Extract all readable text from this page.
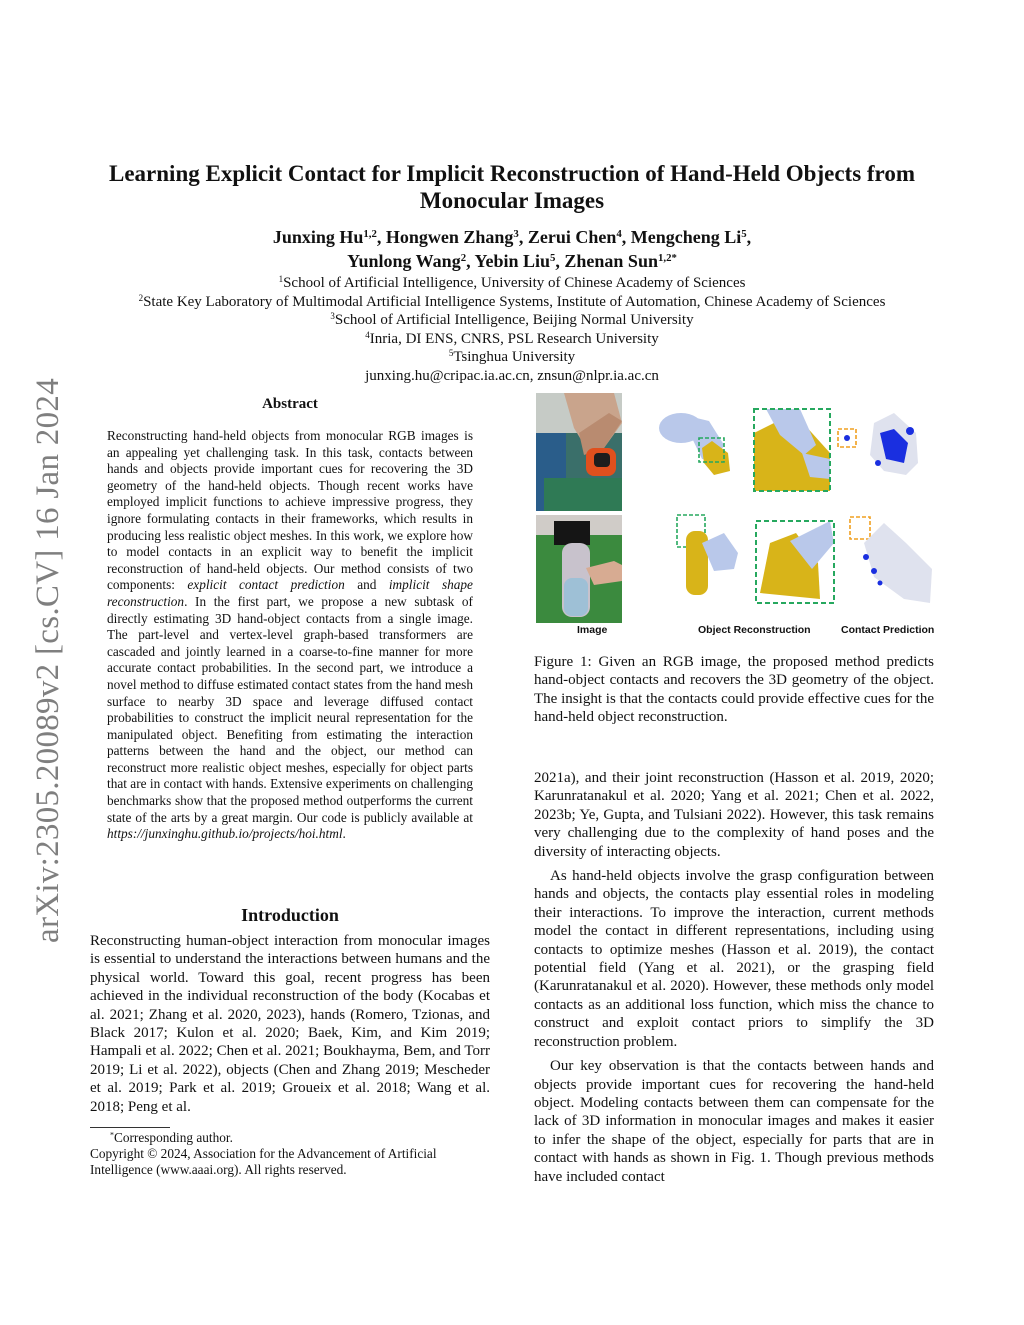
arXiv:2305.20089v2 [cs.CV] 16 Jan 2024
Learning Explicit Contact for Implicit Reconstruction of Hand-Held Objects from Monocular Images
Junxing Hu$^{1,2}$, Hongwen Zhang$^3$, Zerui Chen$^4$, Mengcheng Li$^5$,
Yunlong Wang$^2$, Yebin Liu$^5$, Zhenan Sun$^{1,2*}$
$^1$School of Artificial Intelligence, University of Chinese Academy of Sciences
$^2$State Key Laboratory of Multimodal Artificial Intelligence Systems, Institute of Automation, Chinese Academy of Sciences
$^3$School of Artificial Intelligence, Beijing Normal University
$^4$Inria, DI ENS, CNRS, PSL Research University
$^5$Tsinghua University
junxing.hu@cripac.ia.ac.cn, znsun@nlpr.ia.ac.cn
Abstract
Reconstructing hand-held objects from monocular RGB images is an appealing yet challenging task. In this task, contacts between hands and objects provide important cues for recovering the 3D geometry of the hand-held objects. Though recent works have employed implicit functions to achieve impressive progress, they ignore formulating contacts in their frameworks, which results in producing less realistic object meshes. In this work, we explore how to model contacts in an explicit way to benefit the implicit reconstruction of hand-held objects. Our method consists of two components: explicit contact prediction and implicit shape reconstruction. In the first part, we propose a new subtask of directly estimating 3D hand-object contacts from a single image. The part-level and vertex-level graph-based transformers are cascaded and jointly learned in a coarse-to-fine manner for more accurate contact probabilities. In the second part, we introduce a novel method to diffuse estimated contact states from the hand mesh surface to nearby 3D space and leverage diffused contact probabilities to construct the implicit neural representation for the manipulated object. Benefiting from estimating the interaction patterns between the hand and the object, our method can reconstruct more realistic object meshes, especially for object parts that are in contact with hands. Extensive experiments on challenging benchmarks show that the proposed method outperforms the current state of the arts by a great margin. Our code is publicly available at https://junxinghu.github.io/projects/hoi.html.
Introduction
Reconstructing human-object interaction from monocular images is essential to understand the interactions between humans and the physical world. Toward this goal, recent progress has been achieved in the individual reconstruction of the body (Kocabas et al. 2021; Zhang et al. 2020, 2023), hands (Romero, Tzionas, and Black 2017; Kulon et al. 2020; Baek, Kim, and Kim 2019; Hampali et al. 2022; Chen et al. 2021; Boukhayma, Bem, and Torr 2019; Li et al. 2022), objects (Chen and Zhang 2019; Mescheder et al. 2019; Park et al. 2019; Groueix et al. 2018; Wang et al. 2018; Peng et al.
*Corresponding author.
Copyright © 2024, Association for the Advancement of Artificial Intelligence (www.aaai.org). All rights reserved.
Image	Object Reconstruction	Contact Prediction
Figure 1: Given an RGB image, the proposed method predicts hand-object contacts and recovers the 3D geometry of the object. The insight is that the contacts could provide effective cues for the hand-held object reconstruction.

2021a), and their joint reconstruction (Hasson et al. 2019, 2020; Karunratanakul et al. 2020; Yang et al. 2021; Chen et al. 2022, 2023b; Ye, Gupta, and Tulsiani 2022). However, this task remains very challenging due to the complexity of hand poses and the diversity of interacting objects.

As hand-held objects involve the grasp configuration between hands and objects, the contacts play essential roles in modeling their interactions. To improve the interaction, current methods model the contact in different representations, including using contacts to optimize meshes (Hasson et al. 2019), the contact potential field (Yang et al. 2021), or the grasping field (Karunratanakul et al. 2020). However, these methods only model contacts as an additional loss function, which miss the chance to construct and exploit contact priors to simplify the 3D reconstruction problem.

Our key observation is that the contacts between hands and objects provide important cues for recovering the hand-held object. Modeling contacts between them can compensate for the lack of 3D information in monocular images and makes it easier to infer the shape of the object, especially for parts that are in contact with hands as shown in Fig. 1. Though previous methods have included contact
